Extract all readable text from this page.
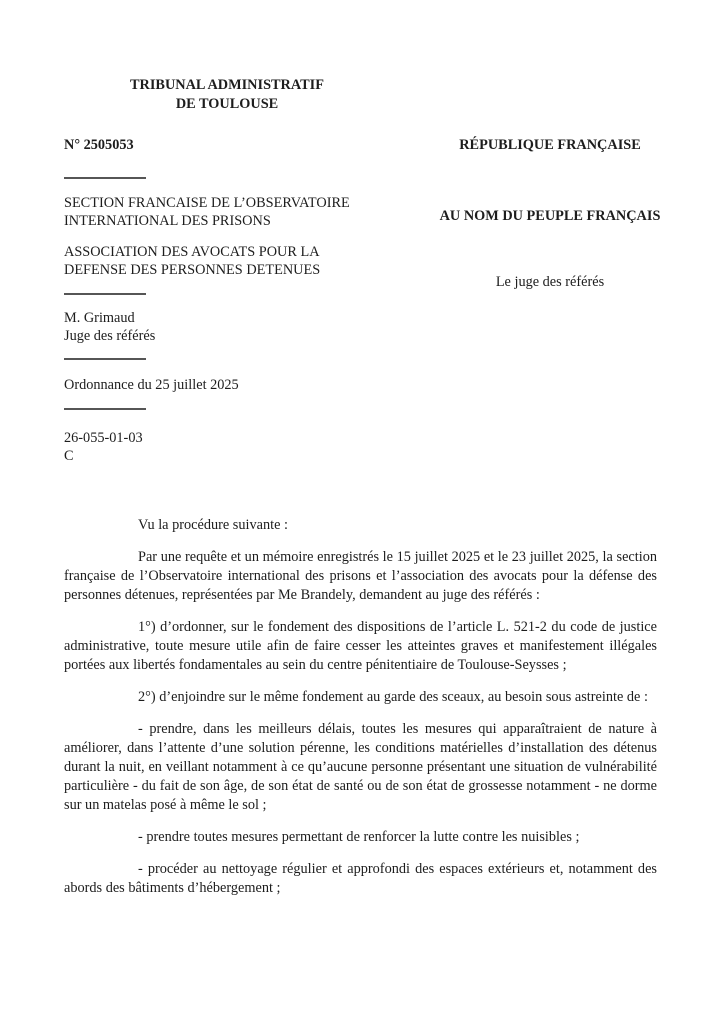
TRIBUNAL ADMINISTRATIF
DE TOULOUSE
N° 2505053	RÉPUBLIQUE FRANÇAISE
SECTION FRANCAISE DE L’OBSERVATOIRE
INTERNATIONAL DES PRISONS	AU NOM DU PEUPLE FRANÇAIS
ASSOCIATION DES AVOCATS POUR LA
DEFENSE DES PERSONNES DETENUES
Le juge des référés
M. Grimaud
Juge des référés
Ordonnance du 25 juillet 2025
26-055-01-03
C

Vu la procédure suivante :

Par une requête et un mémoire enregistrés le 15 juillet 2025 et le 23 juillet 2025, la section française de l’Observatoire international des prisons et l’association des avocats pour la défense des personnes détenues, représentées par Me Brandely, demandent au juge des référés :

1°) d’ordonner, sur le fondement des dispositions de l’article L. 521-2 du code de justice administrative, toute mesure utile afin de faire cesser les atteintes graves et manifestement illégales portées aux libertés fondamentales au sein du centre pénitentiaire de Toulouse-Seysses ;

2°) d’enjoindre sur le même fondement au garde des sceaux, au besoin sous astreinte de :

- prendre, dans les meilleurs délais, toutes les mesures qui apparaîtraient de nature à améliorer, dans l’attente d’une solution pérenne, les conditions matérielles d’installation des détenus durant la nuit, en veillant notamment à ce qu’aucune personne présentant une situation de vulnérabilité particulière - du fait de son âge, de son état de santé ou de son état de grossesse notamment - ne dorme sur un matelas posé à même le sol ;

- prendre toutes mesures permettant de renforcer la lutte contre les nuisibles ;

- procéder au nettoyage régulier et approfondi des espaces extérieurs et, notamment des abords des bâtiments d’hébergement ;
